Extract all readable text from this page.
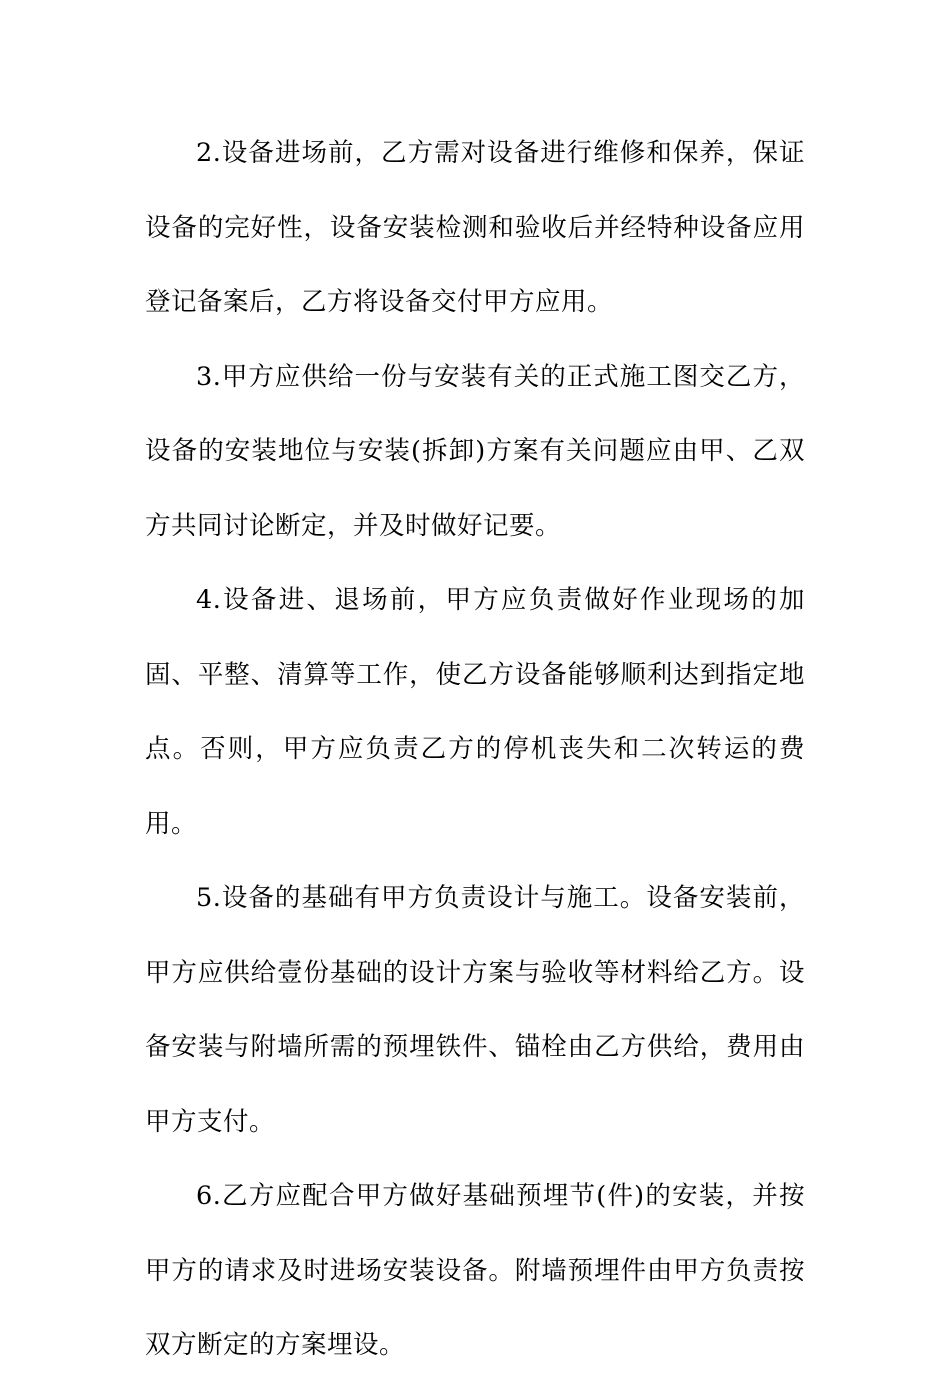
2.设备进场前，乙方需对设备进行维修和保养，保证设备的完好性，设备安装检测和验收后并经特种设备应用登记备案后，乙方将设备交付甲方应用。

3.甲方应供给一份与安装有关的正式施工图交乙方，设备的安装地位与安装(拆卸)方案有关问题应由甲、乙双方共同讨论断定，并及时做好记要。

4.设备进、退场前，甲方应负责做好作业现场的加固、平整、清算等工作，使乙方设备能够顺利达到指定地点。否则，甲方应负责乙方的停机丧失和二次转运的费用。

5.设备的基础有甲方负责设计与施工。设备安装前，甲方应供给壹份基础的设计方案与验收等材料给乙方。设备安装与附墙所需的预埋铁件、锚栓由乙方供给，费用由甲方支付。

6.乙方应配合甲方做好基础预埋节(件)的安装，并按甲方的请求及时进场安装设备。附墙预埋件由甲方负责按双方断定的方案埋设。
